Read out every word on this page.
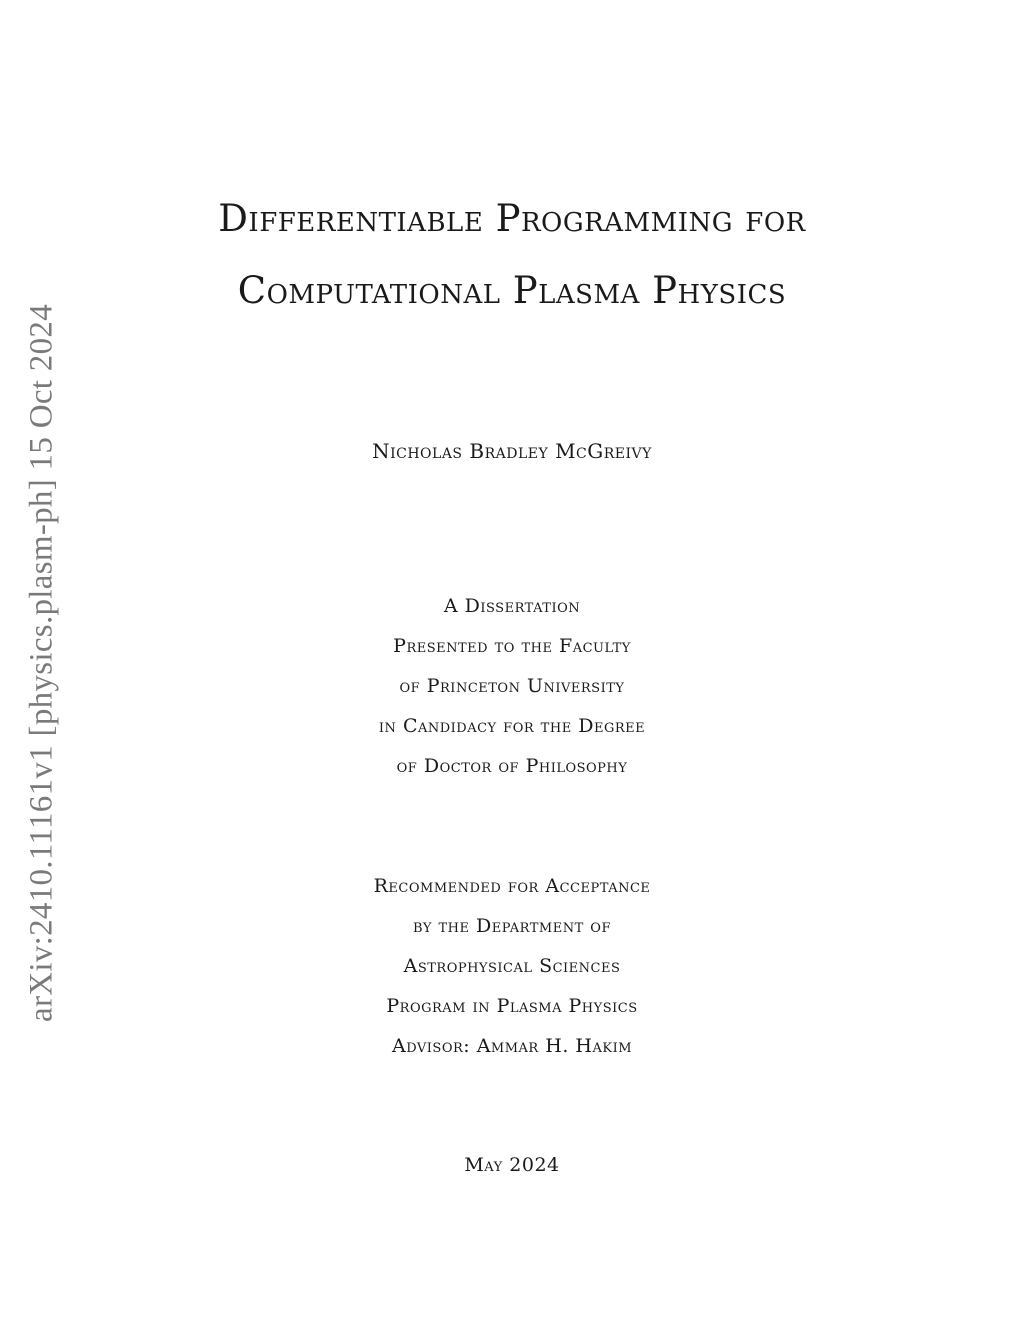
arXiv:2410.11161v1 [physics.plasm-ph] 15 Oct 2024
Differentiable Programming for
Computational Plasma Physics

Nicholas Bradley McGreivy

A Dissertation
Presented to the Faculty
of Princeton University
in Candidacy for the Degree
of Doctor of Philosophy
Recommended for Acceptance
by the Department of
Astrophysical Sciences
Program in Plasma Physics
Advisor: Ammar H. Hakim

May 2024
